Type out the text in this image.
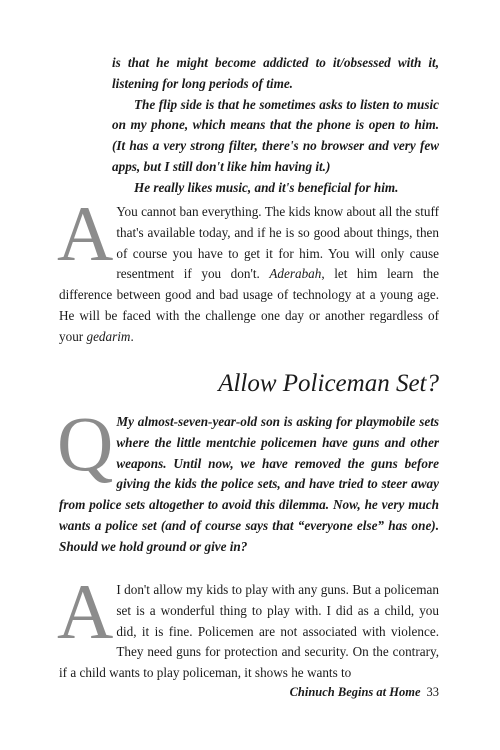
is that he might become addicted to it/obsessed with it, listening for long periods of time.

The flip side is that he sometimes asks to listen to music on my phone, which means that the phone is open to him. (It has a very strong filter, there's no browser and very few apps, but I still don't like him having it.)

He really likes music, and it's beneficial for him.

A You cannot ban everything. The kids know about all the stuff that's available today, and if he is so good about things, then of course you have to get it for him. You will only cause resentment if you don't. Aderabah, let him learn the difference between good and bad usage of technology at a young age. He will be faced with the challenge one day or another regardless of your gedarim.
Allow Policeman Set?
Q My almost-seven-year-old son is asking for playmobile sets where the little mentchie policemen have guns and other weapons. Until now, we have removed the guns before giving the kids the police sets, and have tried to steer away from police sets altogether to avoid this dilemma. Now, he very much wants a police set (and of course says that “everyone else” has one). Should we hold ground or give in?
A I don't allow my kids to play with any guns. But a policeman set is a wonderful thing to play with. I did as a child, you did, it is fine. Policemen are not associated with violence. They need guns for protection and security. On the contrary, if a child wants to play policeman, it shows he wants to
Chinuch Begins at Home 33
